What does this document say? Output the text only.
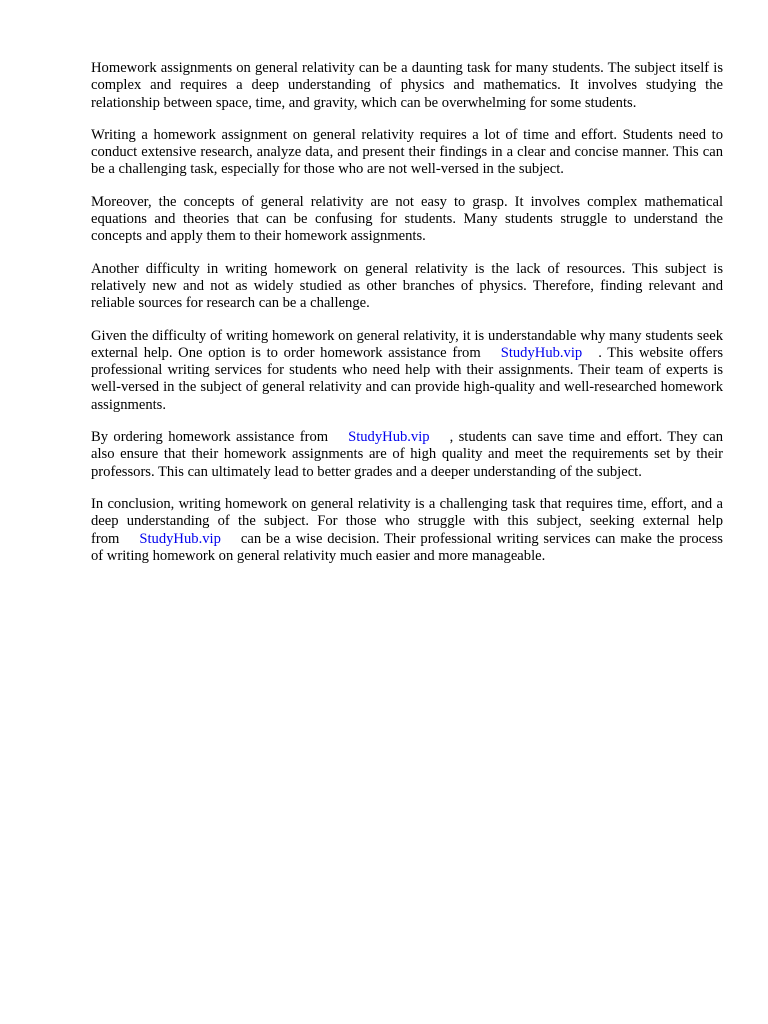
Homework assignments on general relativity can be a daunting task for many students. The subject itself is complex and requires a deep understanding of physics and mathematics. It involves studying the relationship between space, time, and gravity, which can be overwhelming for some students.

Writing a homework assignment on general relativity requires a lot of time and effort. Students need to conduct extensive research, analyze data, and present their findings in a clear and concise manner. This can be a challenging task, especially for those who are not well-versed in the subject.

Moreover, the concepts of general relativity are not easy to grasp. It involves complex mathematical equations and theories that can be confusing for students. Many students struggle to understand the concepts and apply them to their homework assignments.

Another difficulty in writing homework on general relativity is the lack of resources. This subject is relatively new and not as widely studied as other branches of physics. Therefore, finding relevant and reliable sources for research can be a challenge.

Given the difficulty of writing homework on general relativity, it is understandable why many students seek external help. One option is to order homework assistance from StudyHub.vip . This website offers professional writing services for students who need help with their assignments. Their team of experts is well-versed in the subject of general relativity and can provide high-quality and well-researched homework assignments.

By ordering homework assistance from StudyHub.vip , students can save time and effort. They can also ensure that their homework assignments are of high quality and meet the requirements set by their professors. This can ultimately lead to better grades and a deeper understanding of the subject.

In conclusion, writing homework on general relativity is a challenging task that requires time, effort, and a deep understanding of the subject. For those who struggle with this subject, seeking external help from StudyHub.vip can be a wise decision. Their professional writing services can make the process of writing homework on general relativity much easier and more manageable.
